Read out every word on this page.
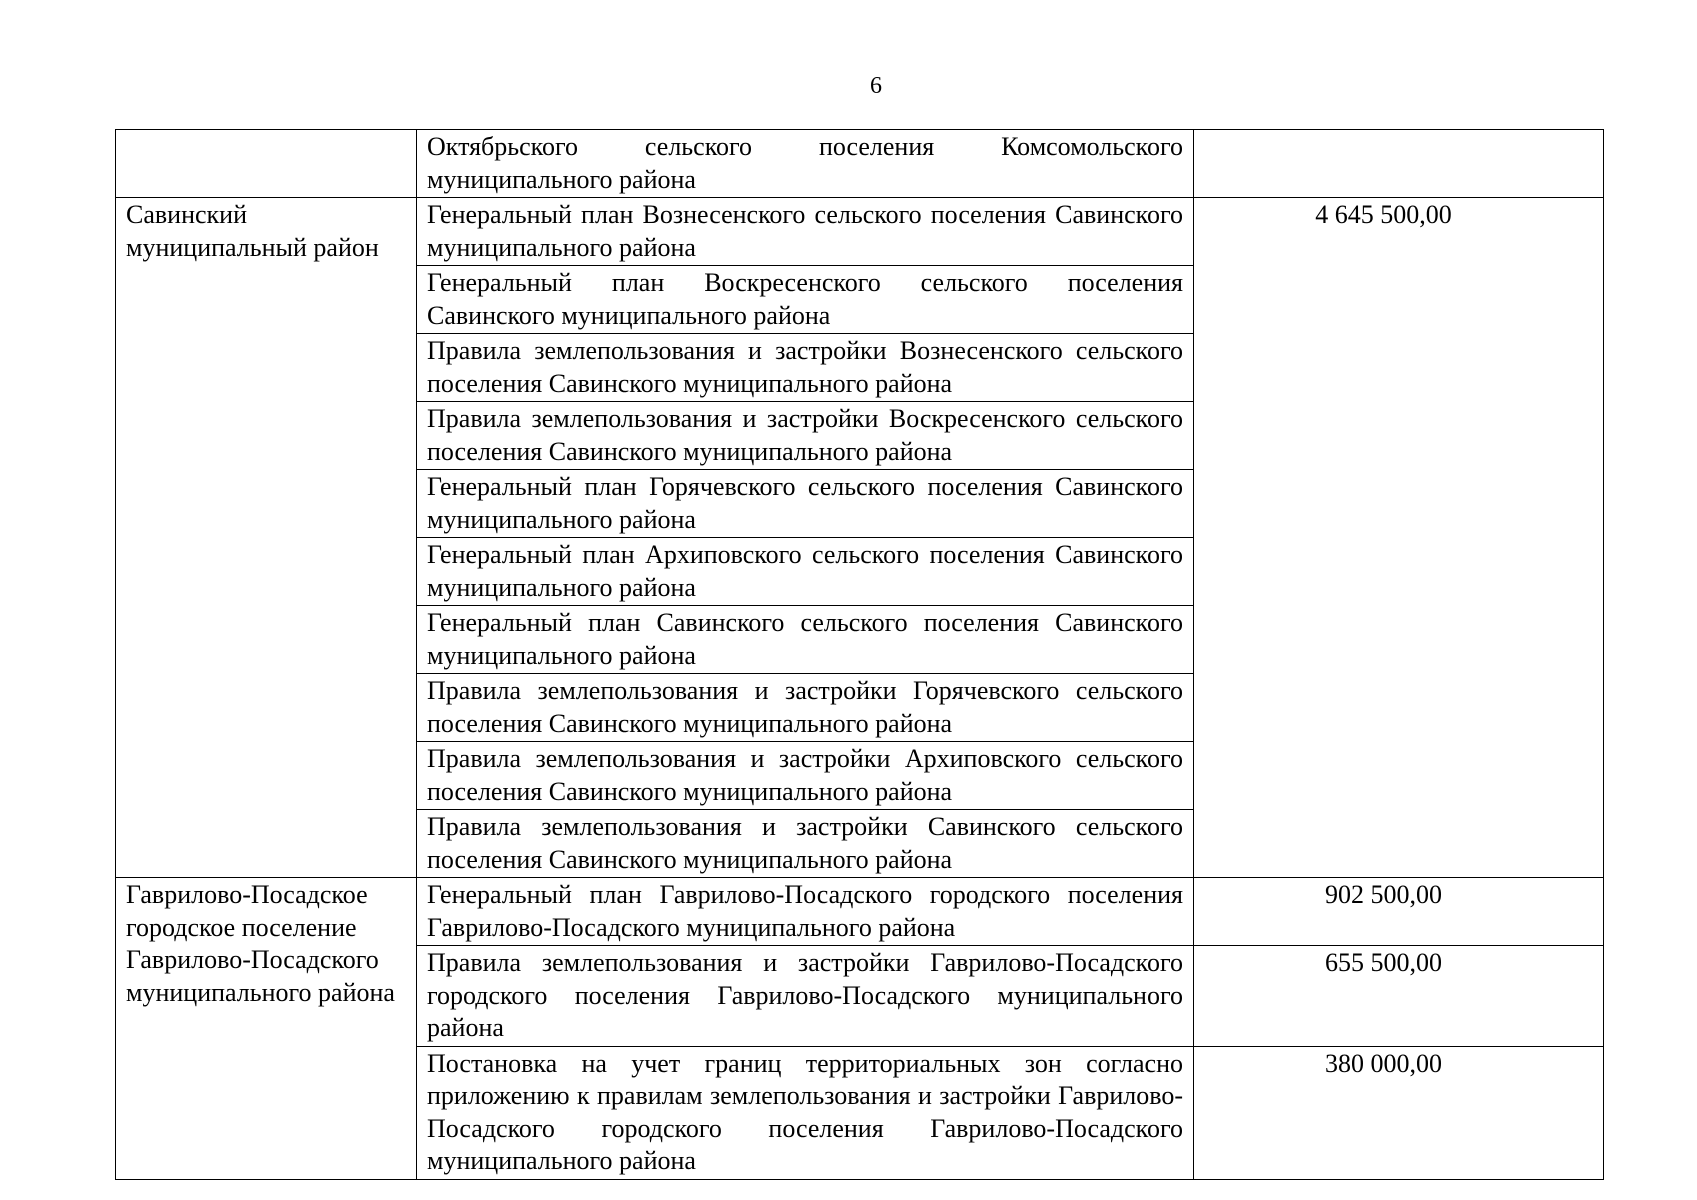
6
	Октябрьского сельского поселения Комсомольского муниципального района	
Савинский муниципальный район	Генеральный план Вознесенского сельского поселения Савинского муниципального района	4 645 500,00
	Генеральный план Воскресенского сельского поселения Савинского муниципального района	
	Правила землепользования и застройки Вознесенского сельского поселения Савинского муниципального района	
	Правила землепользования и застройки Воскресенского сельского поселения Савинского муниципального района	
	Генеральный план Горячевского сельского поселения Савинского муниципального района	
	Генеральный план Архиповского сельского поселения Савинского муниципального района	
	Генеральный план Савинского сельского поселения Савинского муниципального района	
	Правила землепользования и застройки Горячевского сельского поселения Савинского муниципального района	
	Правила землепользования и застройки Архиповского сельского поселения Савинского муниципального района	
	Правила землепользования и застройки Савинского сельского поселения Савинского муниципального района	
Гаврилово-Посадское городское поселение Гаврилово-Посадского муниципального района	Генеральный план Гаврилово-Посадского городского поселения Гаврилово-Посадского муниципального района	902 500,00
	Правила землепользования и застройки Гаврилово-Посадского городского поселения Гаврилово-Посадского муниципального района	655 500,00
	Постановка на учет границ территориальных зон согласно приложению к правилам землепользования и застройки Гаврилово-Посадского городского поселения Гаврилово-Посадского муниципального района	380 000,00
